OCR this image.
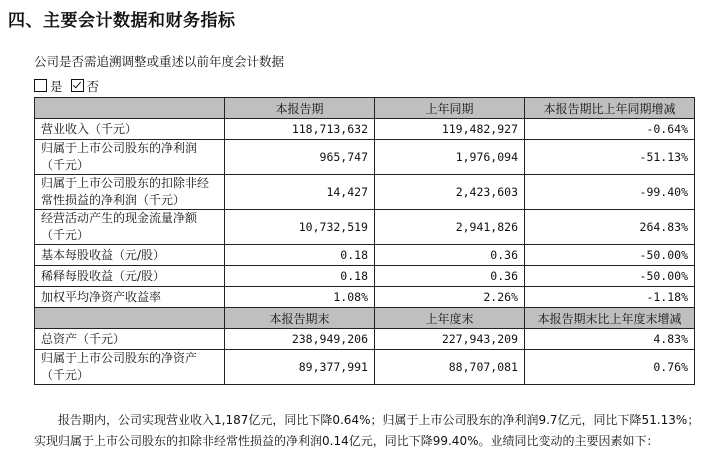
四、主要会计数据和财务指标
公司是否需追溯调整或重述以前年度会计数据
是 否
	本报告期	上年同期	本报告期比上年同期增减
营业收入（千元）	118,713,632	119,482,927	-0.64%
归属于上市公司股东的净利润（千元）	965,747	1,976,094	-51.13%
归属于上市公司股东的扣除非经常性损益的净利润（千元）	14,427	2,423,603	-99.40%
经营活动产生的现金流量净额（千元）	10,732,519	2,941,826	264.83%
基本每股收益（元/股）	0.18	0.36	-50.00%
稀释每股收益（元/股）	0.18	0.36	-50.00%
加权平均净资产收益率	1.08%	2.26%	-1.18%
	本报告期末	上年度末	本报告期末比上年度末增减
总资产（千元）	238,949,206	227,943,209	4.83%
归属于上市公司股东的净资产（千元）	89,377,991	88,707,081	0.76%
报告期内，公司实现营业收入1,187亿元，同比下降0.64%；归属于上市公司股东的净利润9.7亿元，同比下降51.13%；实现归属于上市公司股东的扣除非经常性损益的净利润0.14亿元，同比下降99.40%。业绩同比变动的主要因素如下：
